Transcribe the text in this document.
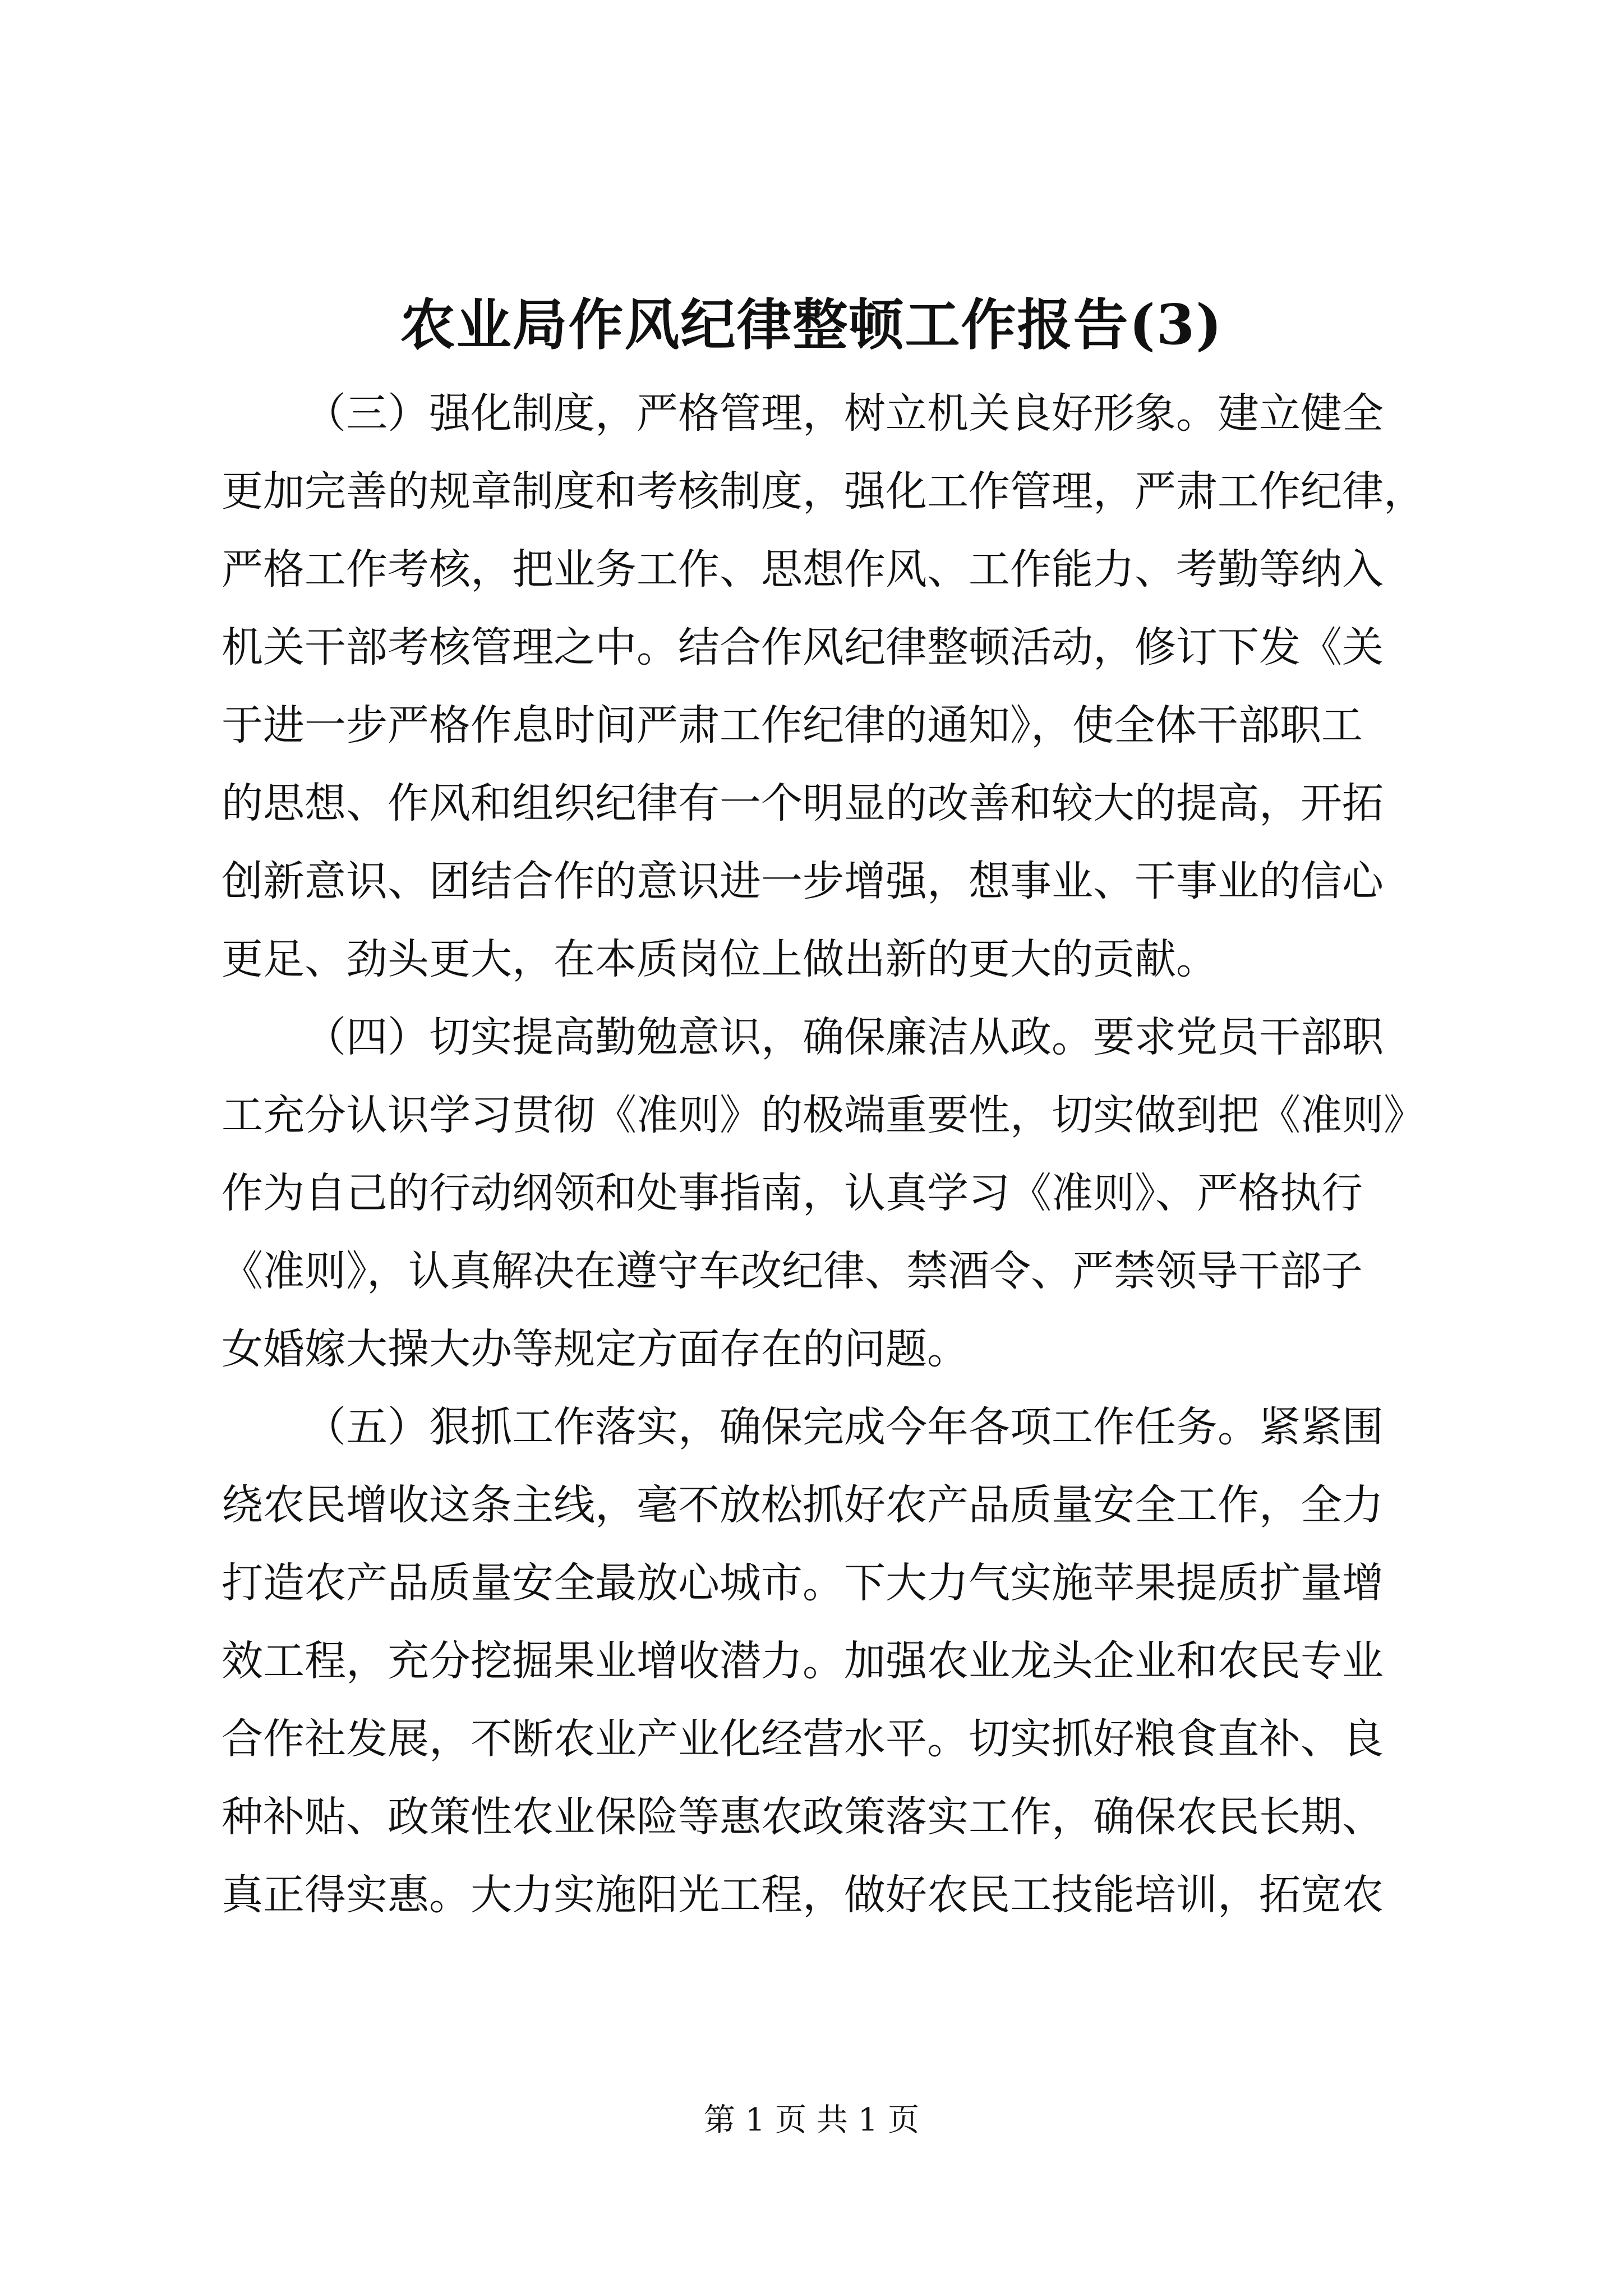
农业局作风纪律整顿工作报告(3)
（三）强化制度，严格管理，树立机关良好形象。建立健全
更加完善的规章制度和考核制度，强化工作管理，严肃工作纪律，
严格工作考核，把业务工作、思想作风、工作能力、考勤等纳入
机关干部考核管理之中。结合作风纪律整顿活动，修订下发《关
于进一步严格作息时间严肃工作纪律的通知》，使全体干部职工
的思想、作风和组织纪律有一个明显的改善和较大的提高，开拓
创新意识、团结合作的意识进一步增强，想事业、干事业的信心
更足、劲头更大，在本质岗位上做出新的更大的贡献。
（四）切实提高勤勉意识，确保廉洁从政。要求党员干部职
工充分认识学习贯彻《准则》的极端重要性，切实做到把《准则》
作为自己的行动纲领和处事指南，认真学习《准则》、严格执行
《准则》，认真解决在遵守车改纪律、禁酒令、严禁领导干部子
女婚嫁大操大办等规定方面存在的问题。
（五）狠抓工作落实，确保完成今年各项工作任务。紧紧围
绕农民增收这条主线，毫不放松抓好农产品质量安全工作，全力
打造农产品质量安全最放心城市。下大力气实施苹果提质扩量增
效工程，充分挖掘果业增收潜力。加强农业龙头企业和农民专业
合作社发展，不断农业产业化经营水平。切实抓好粮食直补、良
种补贴、政策性农业保险等惠农政策落实工作，确保农民长期、
真正得实惠。大力实施阳光工程，做好农民工技能培训，拓宽农
第 1 页 共 1 页
